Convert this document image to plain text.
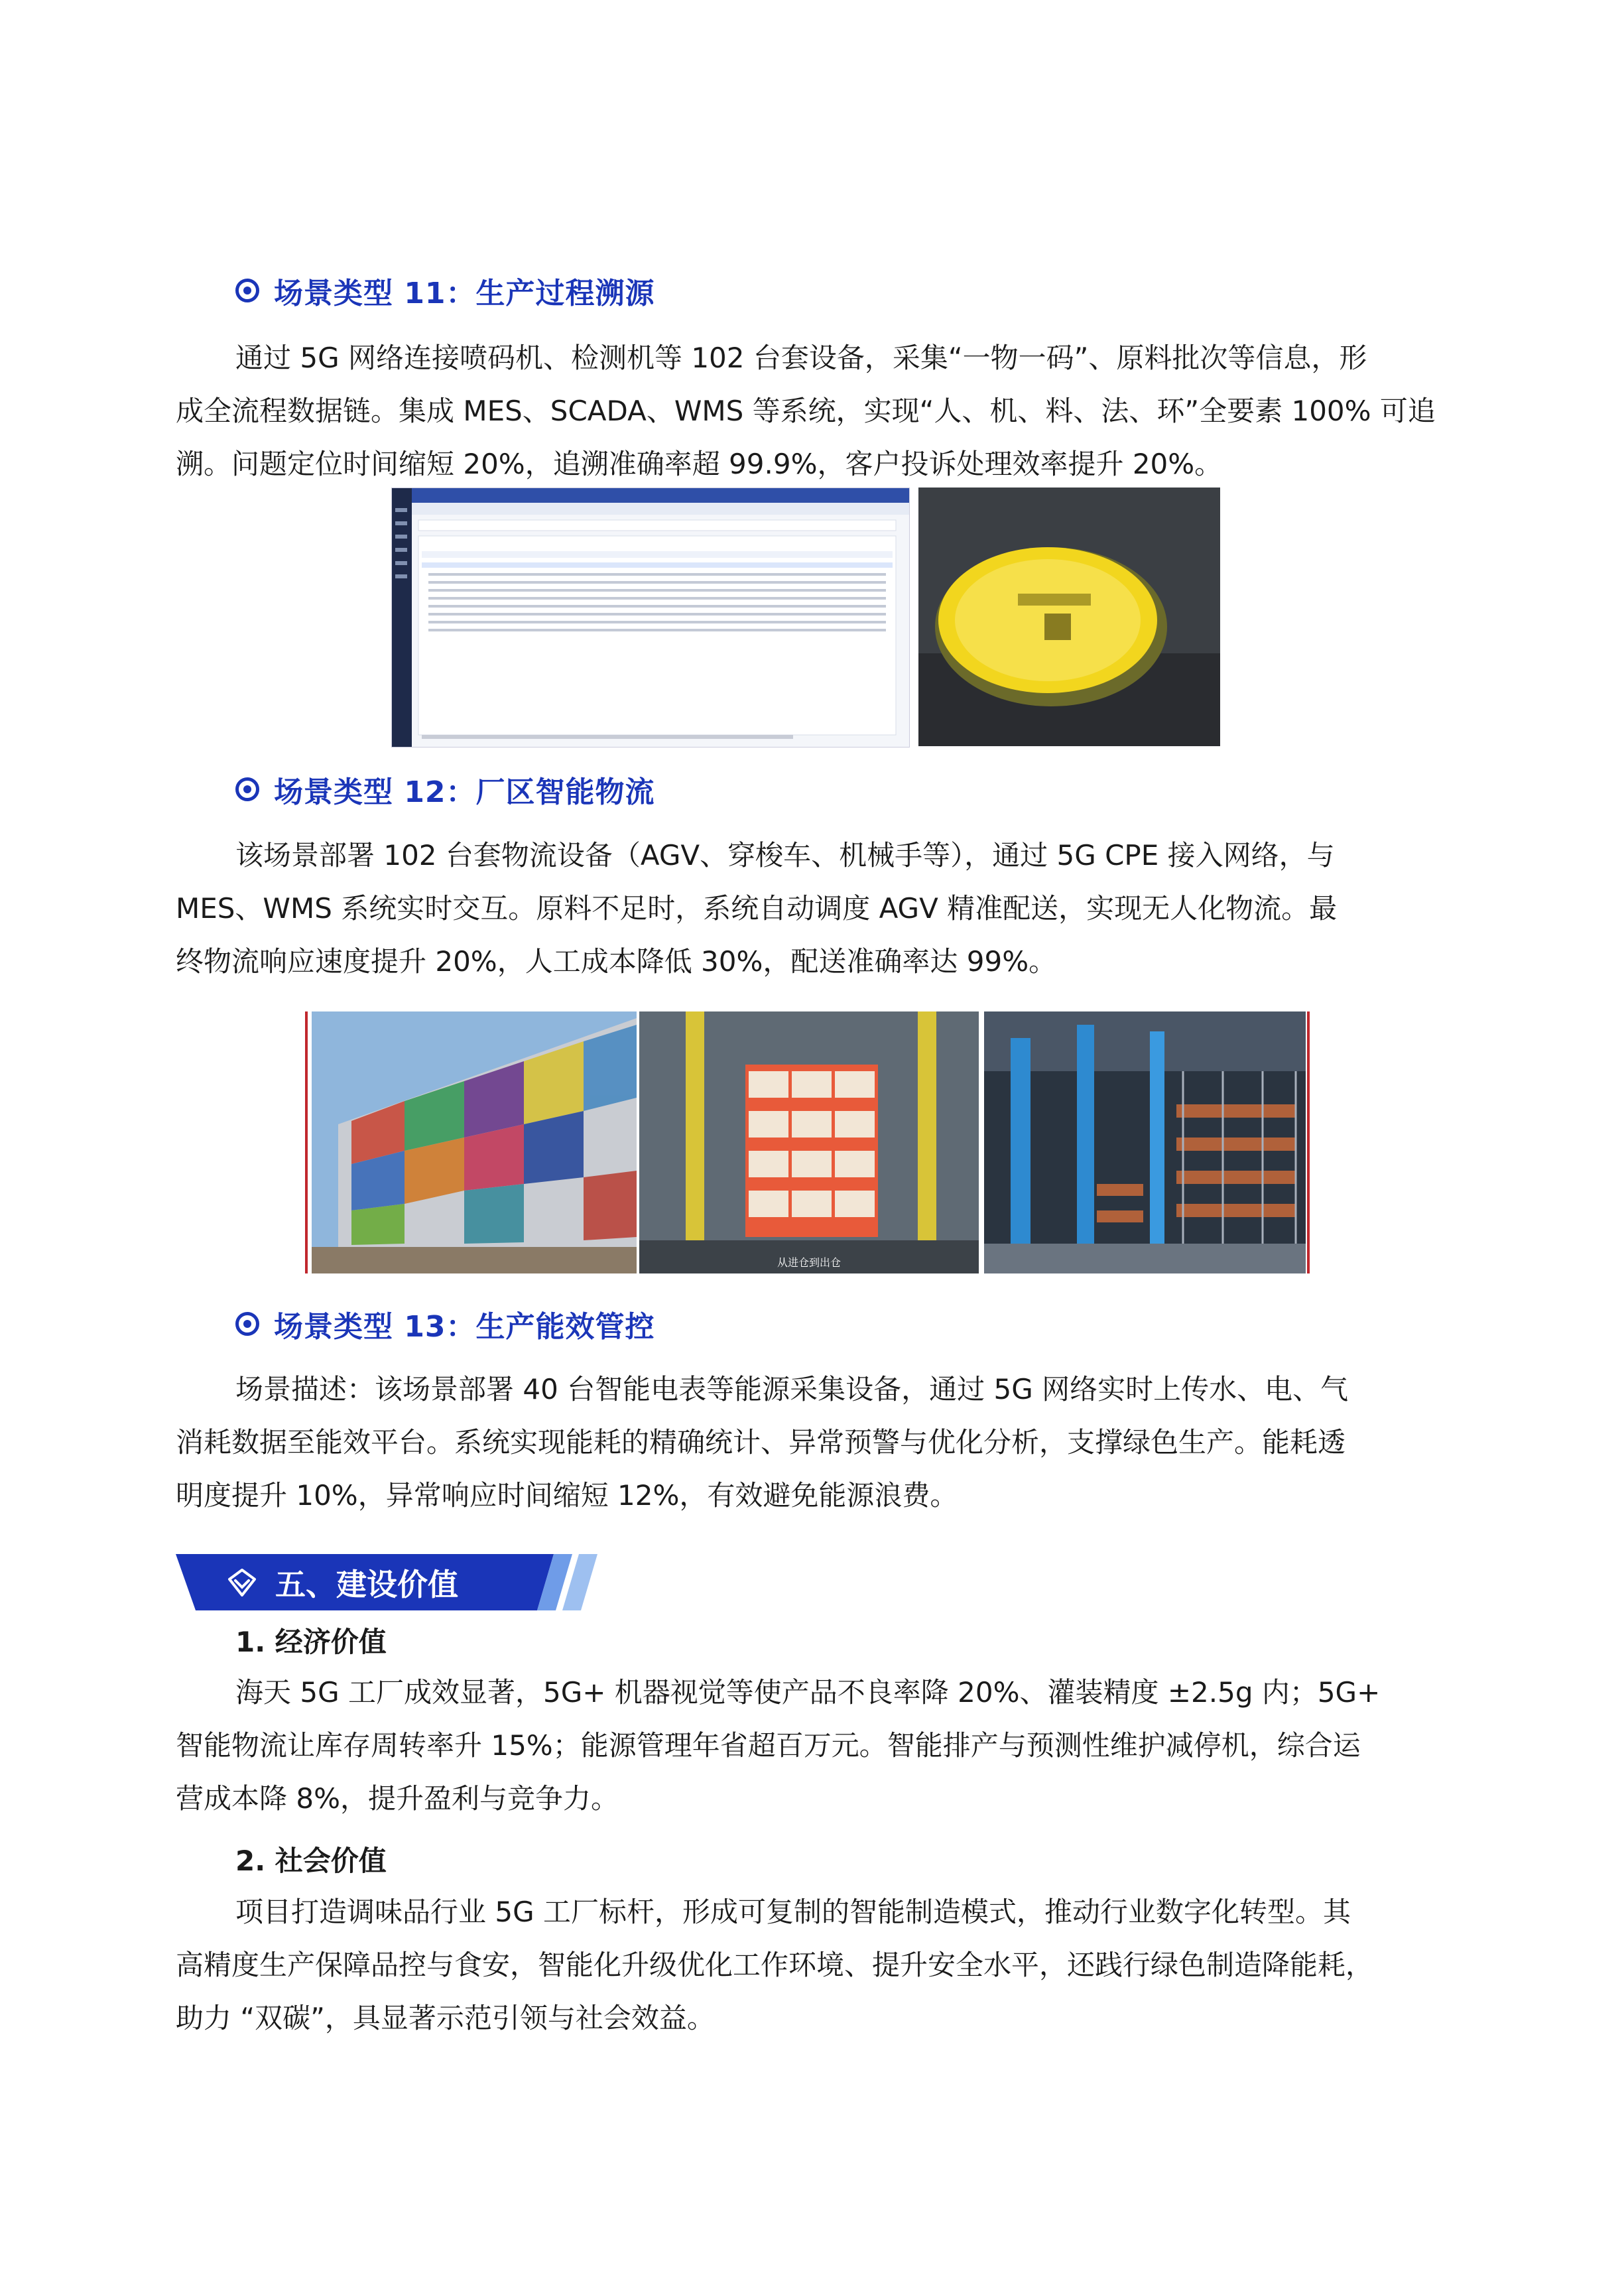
场景类型 11：生产过程溯源
通过 5G 网络连接喷码机、检测机等 102 台套设备，采集“一物一码”、原料批次等信息，形
成全流程数据链。集成 MES、SCADA、WMS 等系统，实现“人、机、料、法、环”全要素 100% 可追
溯。问题定位时间缩短 20%，追溯准确率超 99.9%，客户投诉处理效率提升 20%。
场景类型 12：厂区智能物流
该场景部署 102 台套物流设备（AGV、穿梭车、机械手等），通过 5G CPE 接入网络，与
MES、WMS 系统实时交互。原料不足时，系统自动调度 AGV 精准配送，实现无人化物流。最
终物流响应速度提升 20%，人工成本降低 30%，配送准确率达 99%。
从进仓到出仓
场景类型 13：生产能效管控
场景描述：该场景部署 40 台智能电表等能源采集设备，通过 5G 网络实时上传水、电、气
消耗数据至能效平台。系统实现能耗的精确统计、异常预警与优化分析，支撑绿色生产。能耗透
明度提升 10%，异常响应时间缩短 12%，有效避免能源浪费。
五、建设价值
1. 经济价值
海天 5G 工厂成效显著，5G+ 机器视觉等使产品不良率降 20%、灌装精度 ±2.5g 内；5G+
智能物流让库存周转率升 15%；能源管理年省超百万元。智能排产与预测性维护减停机，综合运
营成本降 8%，提升盈利与竞争力。
2. 社会价值
项目打造调味品行业 5G 工厂标杆，形成可复制的智能制造模式，推动行业数字化转型。其
高精度生产保障品控与食安，智能化升级优化工作环境、提升安全水平，还践行绿色制造降能耗，
助力 “双碳”，具显著示范引领与社会效益。
